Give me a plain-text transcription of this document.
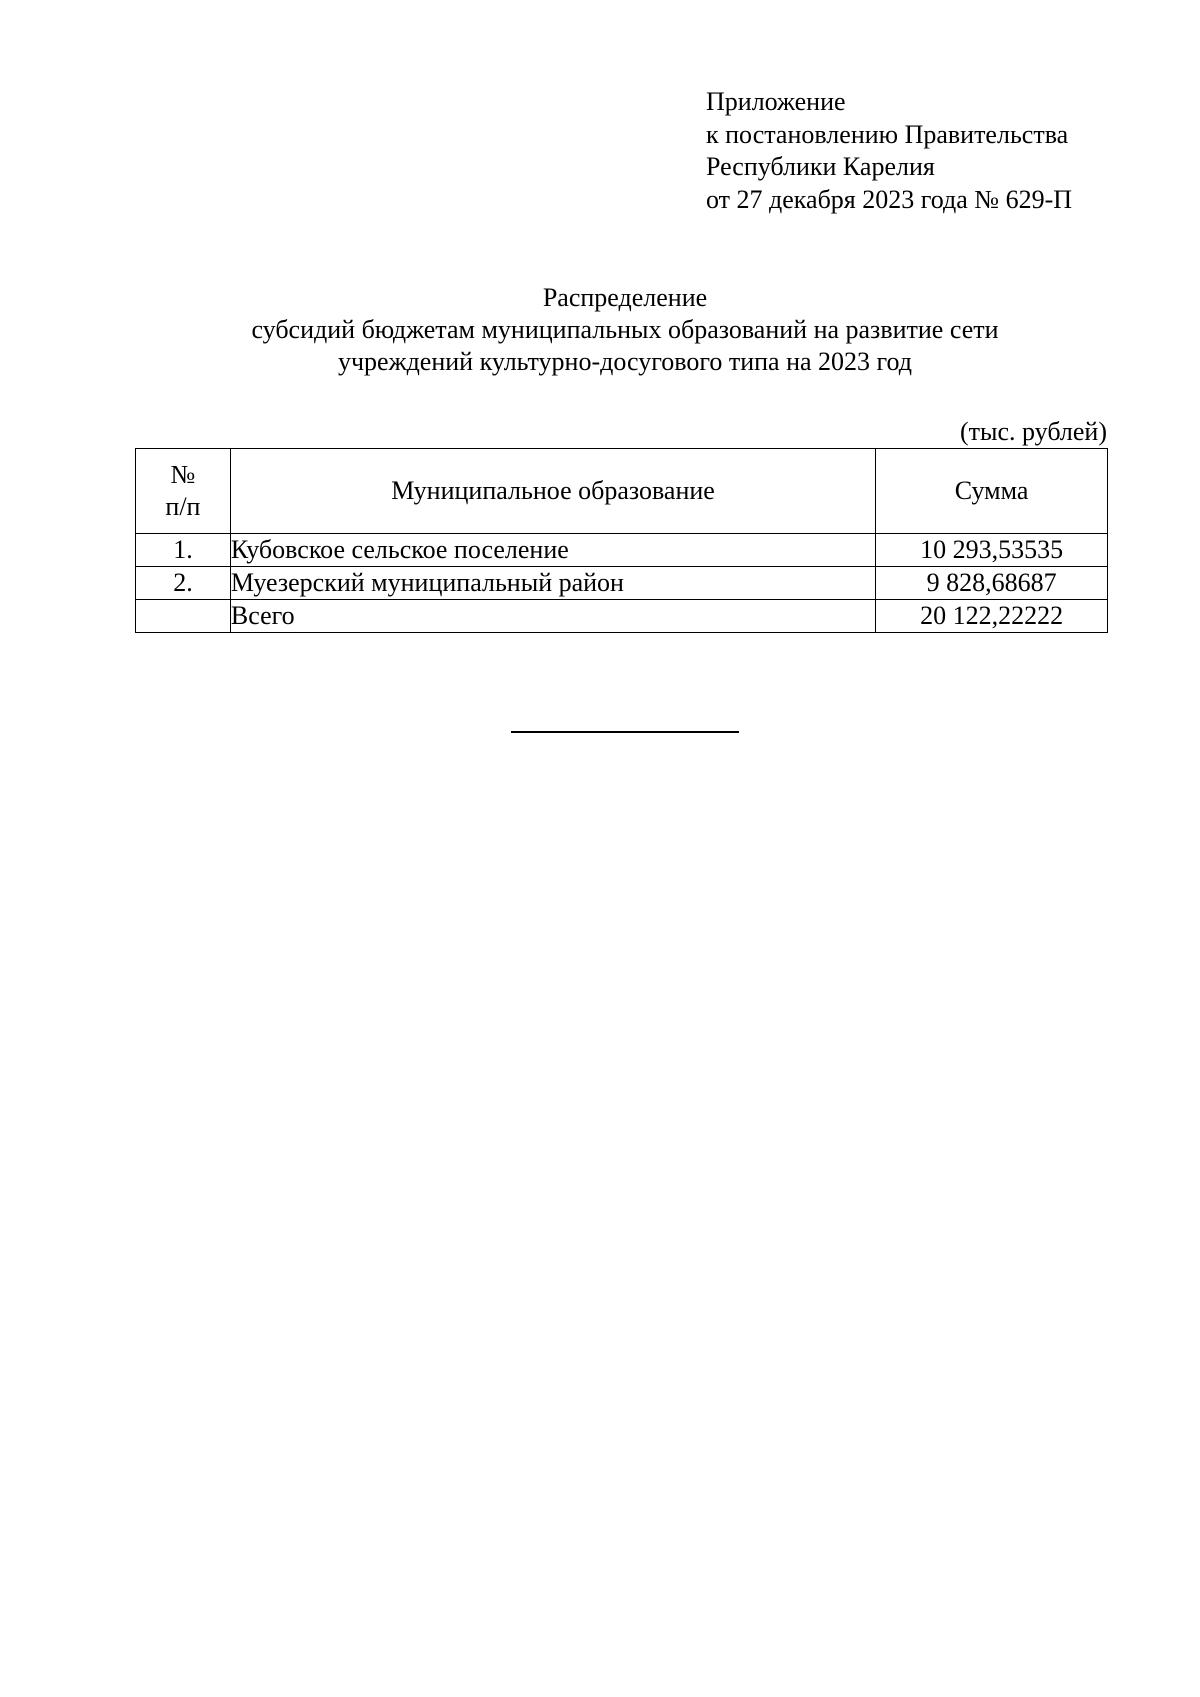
Приложение
к постановлению Правительства
Республики Карелия
от 27 декабря 2023 года № 629-П
Распределение
субсидий бюджетам муниципальных образований на развитие сети
учреждений культурно-досугового типа на 2023 год
(тыс. рублей)
№
п/п	Муниципальное образование	Сумма
1.	Кубовское сельское поселение	10 293,53535
2.	Муезерский муниципальный район	9 828,68687
	Всего	20 122,22222
